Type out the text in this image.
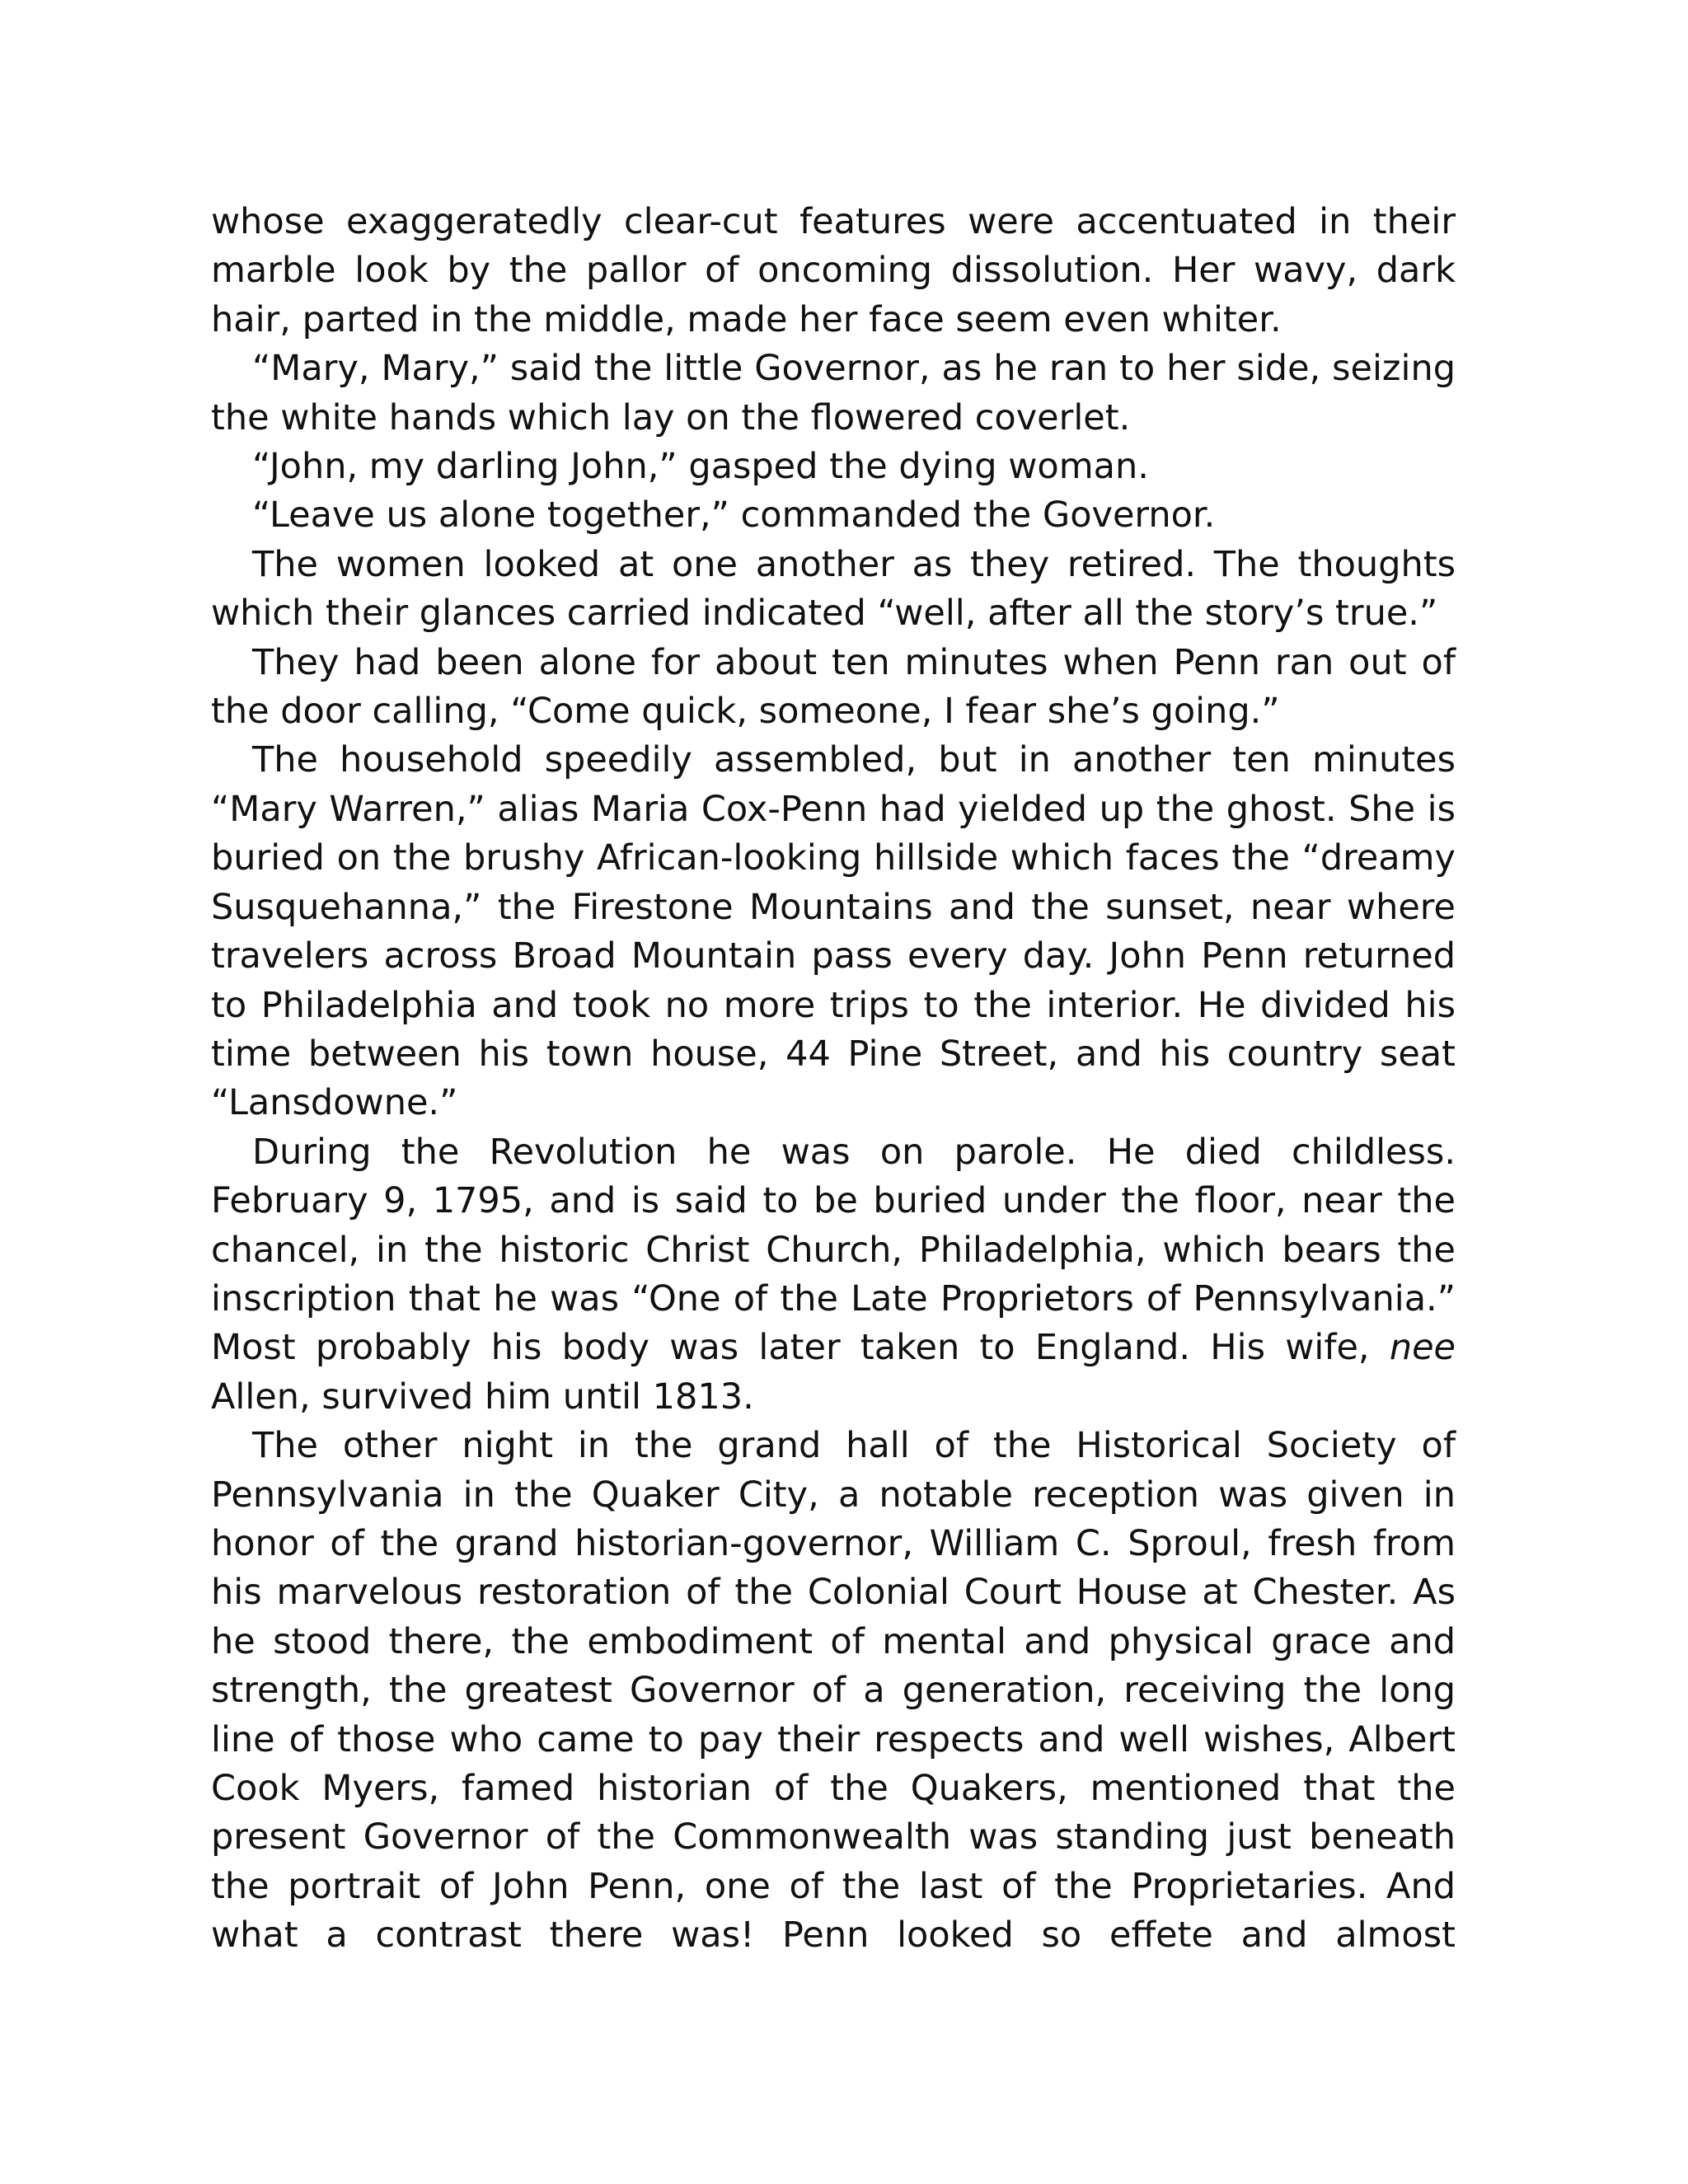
whose exaggeratedly clear-cut features were accentuated in their marble look by the pallor of oncoming dissolution. Her wavy, dark hair, parted in the middle, made her face seem even whiter.

“Mary, Mary,” said the little Governor, as he ran to her side, seizing the white hands which lay on the flowered coverlet.

“John, my darling John,” gasped the dying woman.

“Leave us alone together,” commanded the Governor.

The women looked at one another as they retired. The thoughts which their glances carried indicated “well, after all the story’s true.”

They had been alone for about ten minutes when Penn ran out of the door calling, “Come quick, someone, I fear she’s going.”

The household speedily assembled, but in another ten minutes “Mary Warren,” alias Maria Cox-Penn had yielded up the ghost. She is buried on the brushy African-looking hillside which faces the “dreamy Susquehanna,” the Firestone Mountains and the sunset, near where travelers across Broad Mountain pass every day. John Penn returned to Philadelphia and took no more trips to the interior. He divided his time between his town house, 44 Pine Street, and his country seat “Lansdowne.”

During the Revolution he was on parole. He died childless. February 9, 1795, and is said to be buried under the floor, near the chancel, in the historic Christ Church, Philadelphia, which bears the inscription that he was “One of the Late Proprietors of Pennsylvania.” Most probably his body was later taken to England. His wife, nee Allen, survived him until 1813.

The other night in the grand hall of the Historical Society of Pennsylvania in the Quaker City, a notable reception was given in honor of the grand historian-governor, William C. Sproul, fresh from his marvelous restoration of the Colonial Court House at Chester. As he stood there, the embodiment of mental and physical grace and strength, the greatest Governor of a generation, receiving the long line of those who came to pay their respects and well wishes, Albert Cook Myers, famed historian of the Quakers, mentioned that the present Governor of the Commonwealth was standing just beneath the portrait of John Penn, one of the last of the Proprietaries. And what a contrast there was! Penn looked so effete and almost
